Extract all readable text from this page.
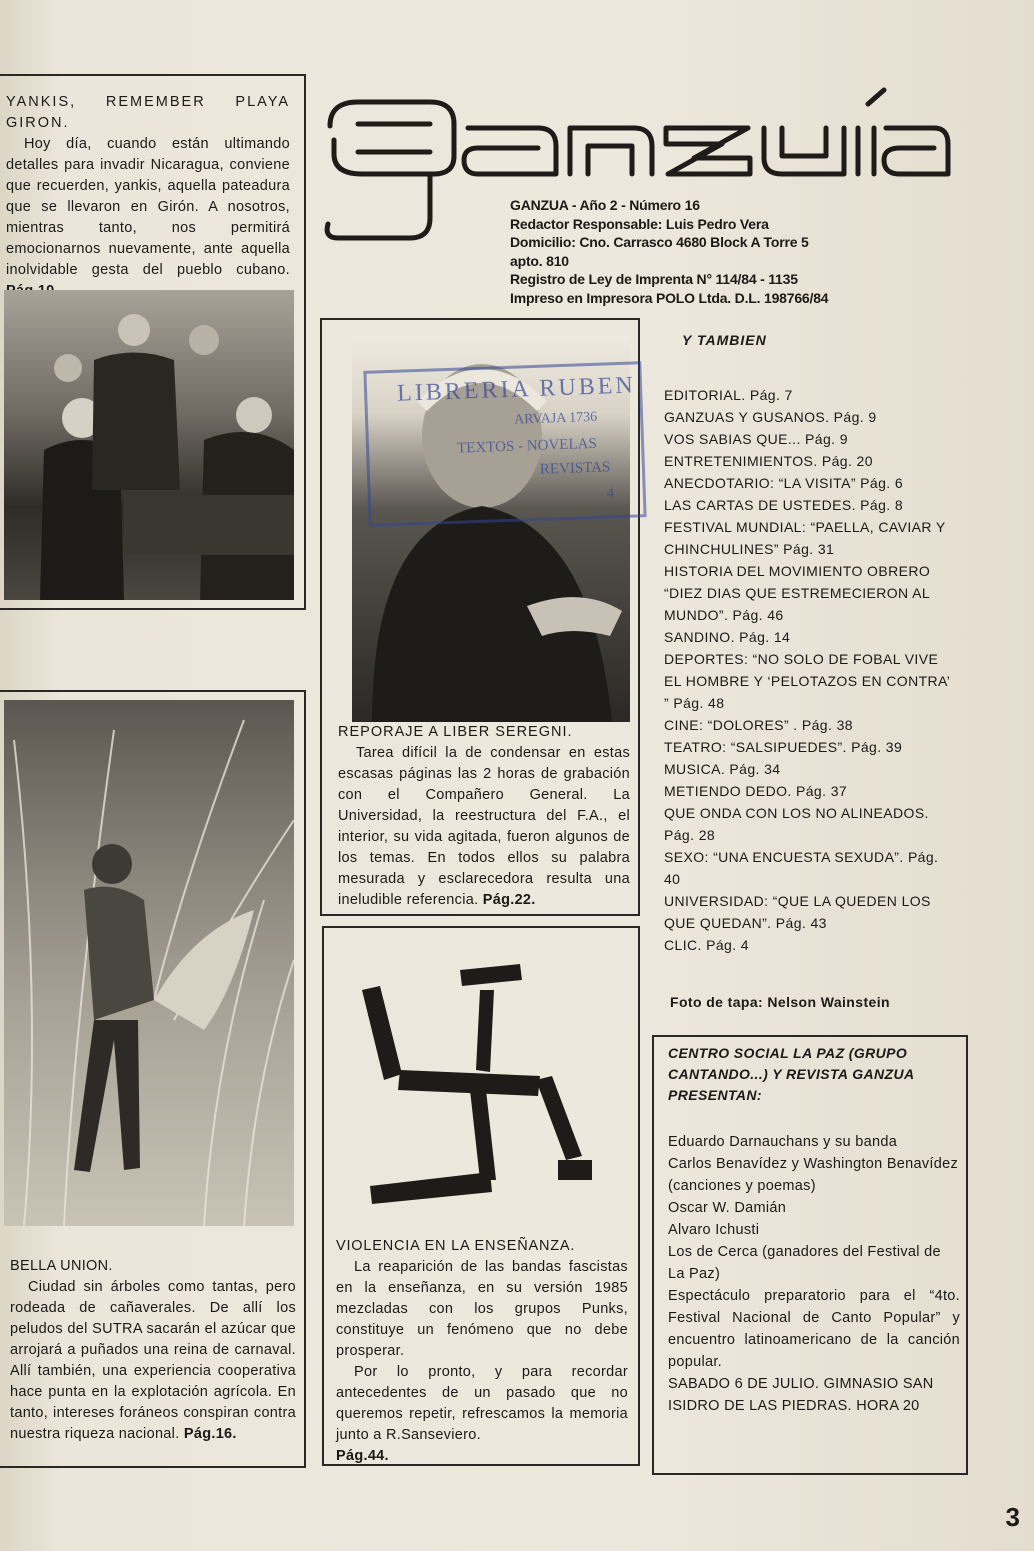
ganzúa
GANZUA - Año 2 - Número 16
Redactor Responsable: Luis Pedro Vera
Domicilio: Cno. Carrasco 4680 Block A Torre 5
apto. 810
Registro de Ley de Imprenta N° 114/84 - 1135
Impreso en Impresora POLO Ltda. D.L. 198766/84

YANKIS, REMEMBER PLAYA GIRON.

Hoy día, cuando están ultimando detalles para invadir Nicaragua, conviene que recuerden, yankis, aquella pateadura que se llevaron en Girón. A nosotros, mientras tanto, nos permitirá emocionarnos nuevamente, ante aquella inolvidable gesta del pueblo cubano.

BELLA UNION.

Ciudad sin árboles como tantas, pero rodeada de cañaverales. De allí los peludos del SUTRA sacarán el azúcar que arrojará a puñados una reina de carnaval. Allí también, una experiencia cooperativa hace punta en la explotación agrícola. En tanto, intereses foráneos conspiran contra nuestra riqueza nacional. Pág.16.

LIBRERIA RUBEN
ARVAJA 1736
TEXTOS - NOVELAS
REVISTAS
4

REPORAJE A LIBER SEREGNI.

Tarea difícil la de condensar en estas escasas páginas las 2 horas de grabación con el Compañero General. La Universidad, la reestructura del F.A., el interior, su vida agitada, fueron algunos de los temas. En todos ellos su palabra mesurada y esclarecedora resulta una ineludible referencia. Pág.22.

VIOLENCIA EN LA ENSEÑANZA.

La reaparición de las bandas fascistas en la enseñanza, en su versión 1985 mezcladas con los grupos Punks, constituye un fenómeno que no debe prosperar.

Por lo pronto, y para recordar antecedentes de un pasado que no queremos repetir, refrescamos la memoria junto a R.Sanseviero.

Pág.44.

Y TAMBIEN

EDITORIAL. Pág. 7

GANZUAS Y GUSANOS. Pág. 9

VOS SABIAS QUE... Pág. 9

ENTRETENIMIENTOS. Pág. 20

ANECDOTARIO: “LA VISITA” Pág. 6

LAS CARTAS DE USTEDES. Pág. 8

FESTIVAL MUNDIAL: “PAELLA, CAVIAR Y CHINCHULINES” Pág. 31

HISTORIA DEL MOVIMIENTO OBRERO “DIEZ DIAS QUE ESTREMECIERON AL MUNDO”. Pág. 46

SANDINO. Pág. 14

DEPORTES: “NO SOLO DE FOBAL VIVE EL HOMBRE Y ‘PELOTAZOS EN CONTRA’ ” Pág. 48

CINE: “DOLORES” . Pág. 38

TEATRO: “SALSIPUEDES”. Pág. 39

MUSICA. Pág. 34

METIENDO DEDO. Pág. 37

QUE ONDA CON LOS NO ALINEADOS. Pág. 28

SEXO: “UNA ENCUESTA SEXUDA”. Pág. 40

UNIVERSIDAD: “QUE LA QUEDEN LOS QUE QUEDAN”. Pág. 43

CLIC. Pág. 4

Foto de tapa: Nelson Wainstein
CENTRO SOCIAL LA PAZ (GRUPO CANTANDO...) Y REVISTA GANZUA PRESENTAN:

Eduardo Darnauchans y su banda

Carlos Benavídez y Washington Benavídez (canciones y poemas)

Oscar W. Damián

Alvaro Ichusti

Los de Cerca (ganadores del Festival de La Paz)

Espectáculo preparatorio para el “4to. Festival Nacional de Canto Popular” y encuentro latinoamericano de la canción popular.

SABADO 6 DE JULIO. GIMNASIO SAN ISIDRO DE LAS PIEDRAS. HORA 20

3
